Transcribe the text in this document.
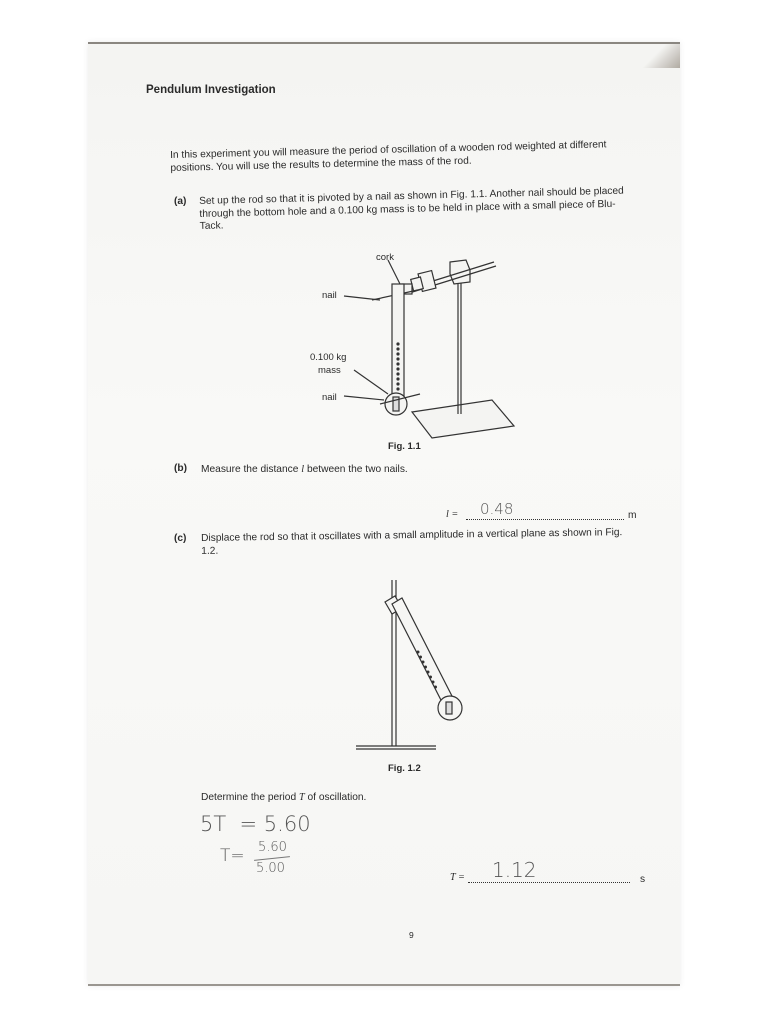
Pendulum Investigation
In this experiment you will measure the period of oscillation of a wooden rod weighted at different positions. You will use the results to determine the mass of the rod.
(a) Set up the rod so that it is pivoted by a nail as shown in Fig. 1.1. Another nail should be placed through the bottom hole and a 0.100 kg mass is to be held in place with a small piece of Blu-Tack.
cork
nail
0.100 kg
mass
nail
Fig. 1.1
(b) Measure the distance l between the two nails.
l = 0.48	m
(c) Displace the rod so that it oscillates with a small amplitude in a vertical plane as shown in Fig. 1.2.
Fig. 1.2
Determine the period T of oscillation.
5T  = 5.60
T= 5.60
5.00
T = 1.12	s
9
